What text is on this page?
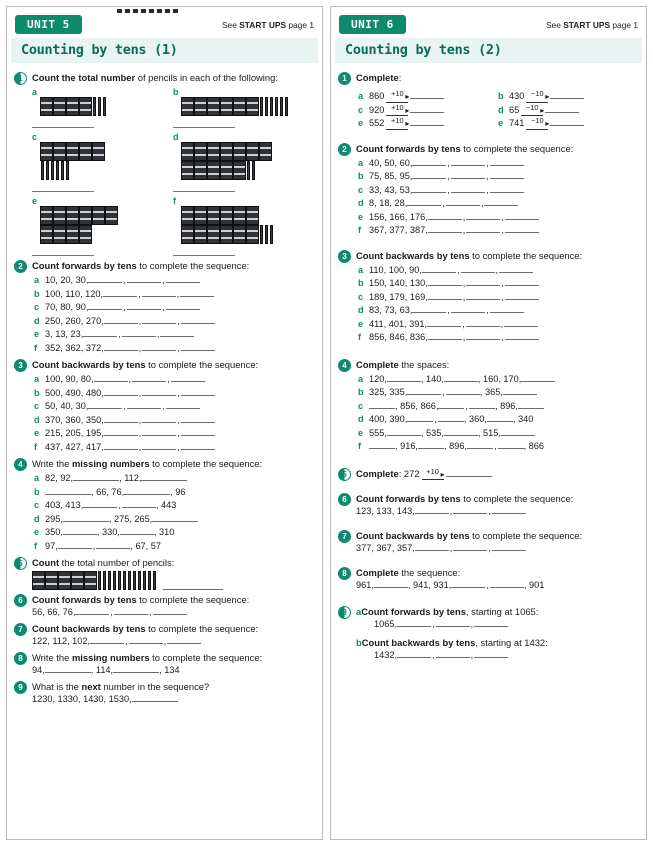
UNIT 5	See START UPS page 1
Counting by tens (1)
1 Count the total number of pencils in each of the following:
a	b
c	d
e	f
2 Count forwards by tens to complete the sequence:
a 10, 20, 30,	,	,
b 100, 110, 120,	,	,
c 70, 80, 90,	,	,
d 250, 260, 270,	,	,
e 3, 13, 23,	,	,
f 352, 362, 372,	,	,
3 Count backwards by tens to complete the sequence:
a 100, 90, 80,	,	,
b 500, 490, 480,	,	,
c 50, 40, 30,	,	,
d 370, 360, 350,	,	,
e 215, 205, 195,	,	,
f 437, 427, 417,	,	,
4 Write the missing numbers to complete the sequence:
a 82, 92,	, 112,
b	, 66, 76,	, 96
c 403, 413,	,	, 443
d 295,	, 275, 265,
e 350,	, 330,	, 310
f 97,	,	, 67, 57
5 Count the total number of pencils:
6 Count forwards by tens to complete the sequence:
56, 66, 76,	,	,
7 Count backwards by tens to complete the sequence:
122, 112, 102,	,	,
8 Write the missing numbers to complete the sequence:
94,	, 114,	, 134
9 What is the next number in the sequence?
1230, 1330, 1430, 1530,
UNIT 6	See START UPS page 1
Counting by tens (2)
1 Complete:
a 860 $^{+10}$ ▸	b 430 $^{-10}$ ▸
c 920 $^{+10}$ ▸	d 65 $^{-10}$ ▸
e 552 $^{+10}$ ▸	e 741 $^{-10}$ ▸
2 Count forwards by tens to complete the sequence:
a 40, 50, 60,	,	,
b 75, 85, 95,	,	,
c 33, 43, 53,	,	,
d 8, 18, 28,	,	,
e 156, 166, 176,	,	,
f 367, 377, 387,	,	,
3 Count backwards by tens to complete the sequence:
a 110, 100, 90,	,	,
b 150, 140, 130,	,	,
c 189, 179, 169,	,	,
d 83, 73, 63,	,	,
e 411, 401, 391,	,	,
f 856, 846, 836,	,	,
4 Complete the spaces:
a 120,	, 140,	, 160, 170,
b 325, 335,	,	, 365,
c	, 856, 866,	,	, 896,
d 400, 390,	,	, 360,	, 340
e 555,	, 535,	, 515,
f	, 916,	, 896,	,	, 866
5 Complete: 272 $^{+10}$ ▸
6 Count forwards by tens to complete the sequence:
123, 133, 143,	,	,
7 Count backwards by tens to complete the sequence:
377, 367, 357,	,	,
8 Complete the sequence:
961,	, 941, 931,	,	, 901
9 aCount forwards by tens, starting at 1065:
1065,	,	,
bCount backwards by tens, starting at 1432:
1432,	,	,
